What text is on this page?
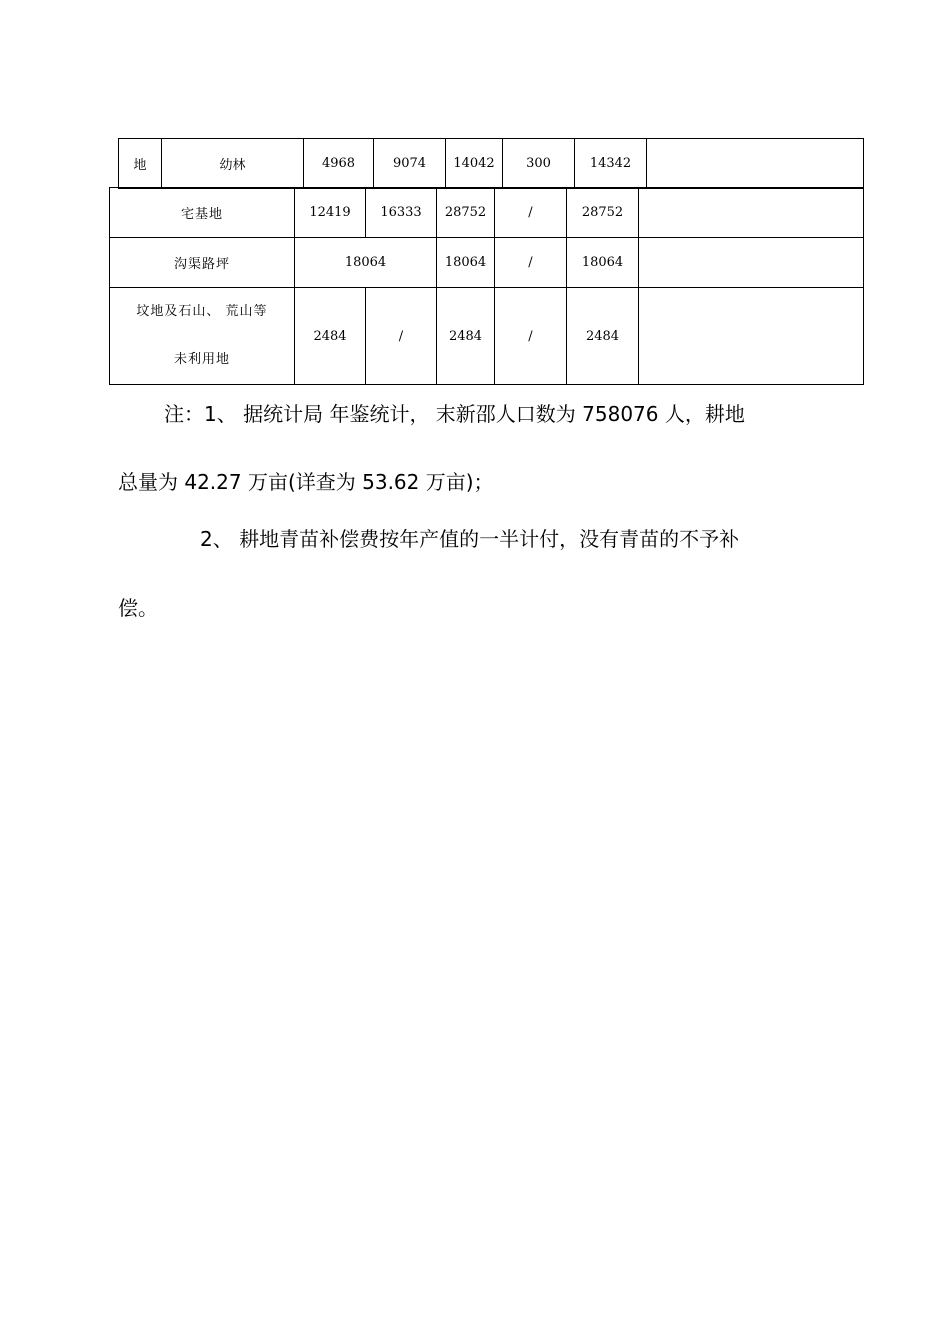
地	幼林	4968	9074	14042	300	14342	
宅基地	12419	16333	28752	/	28752	
沟渠路坪	18064		18064	/	18064	

坟地及石山、 荒山等
未利用地	2484	/	2484	/	2484	
注：1、 据统计局 年鉴统计， 末新邵人口数为 758076 人，耕地
总量为 42.27 万亩(详查为 53.62 万亩)；
2、 耕地青苗补偿费按年产值的一半计付，没有青苗的不予补
偿。
